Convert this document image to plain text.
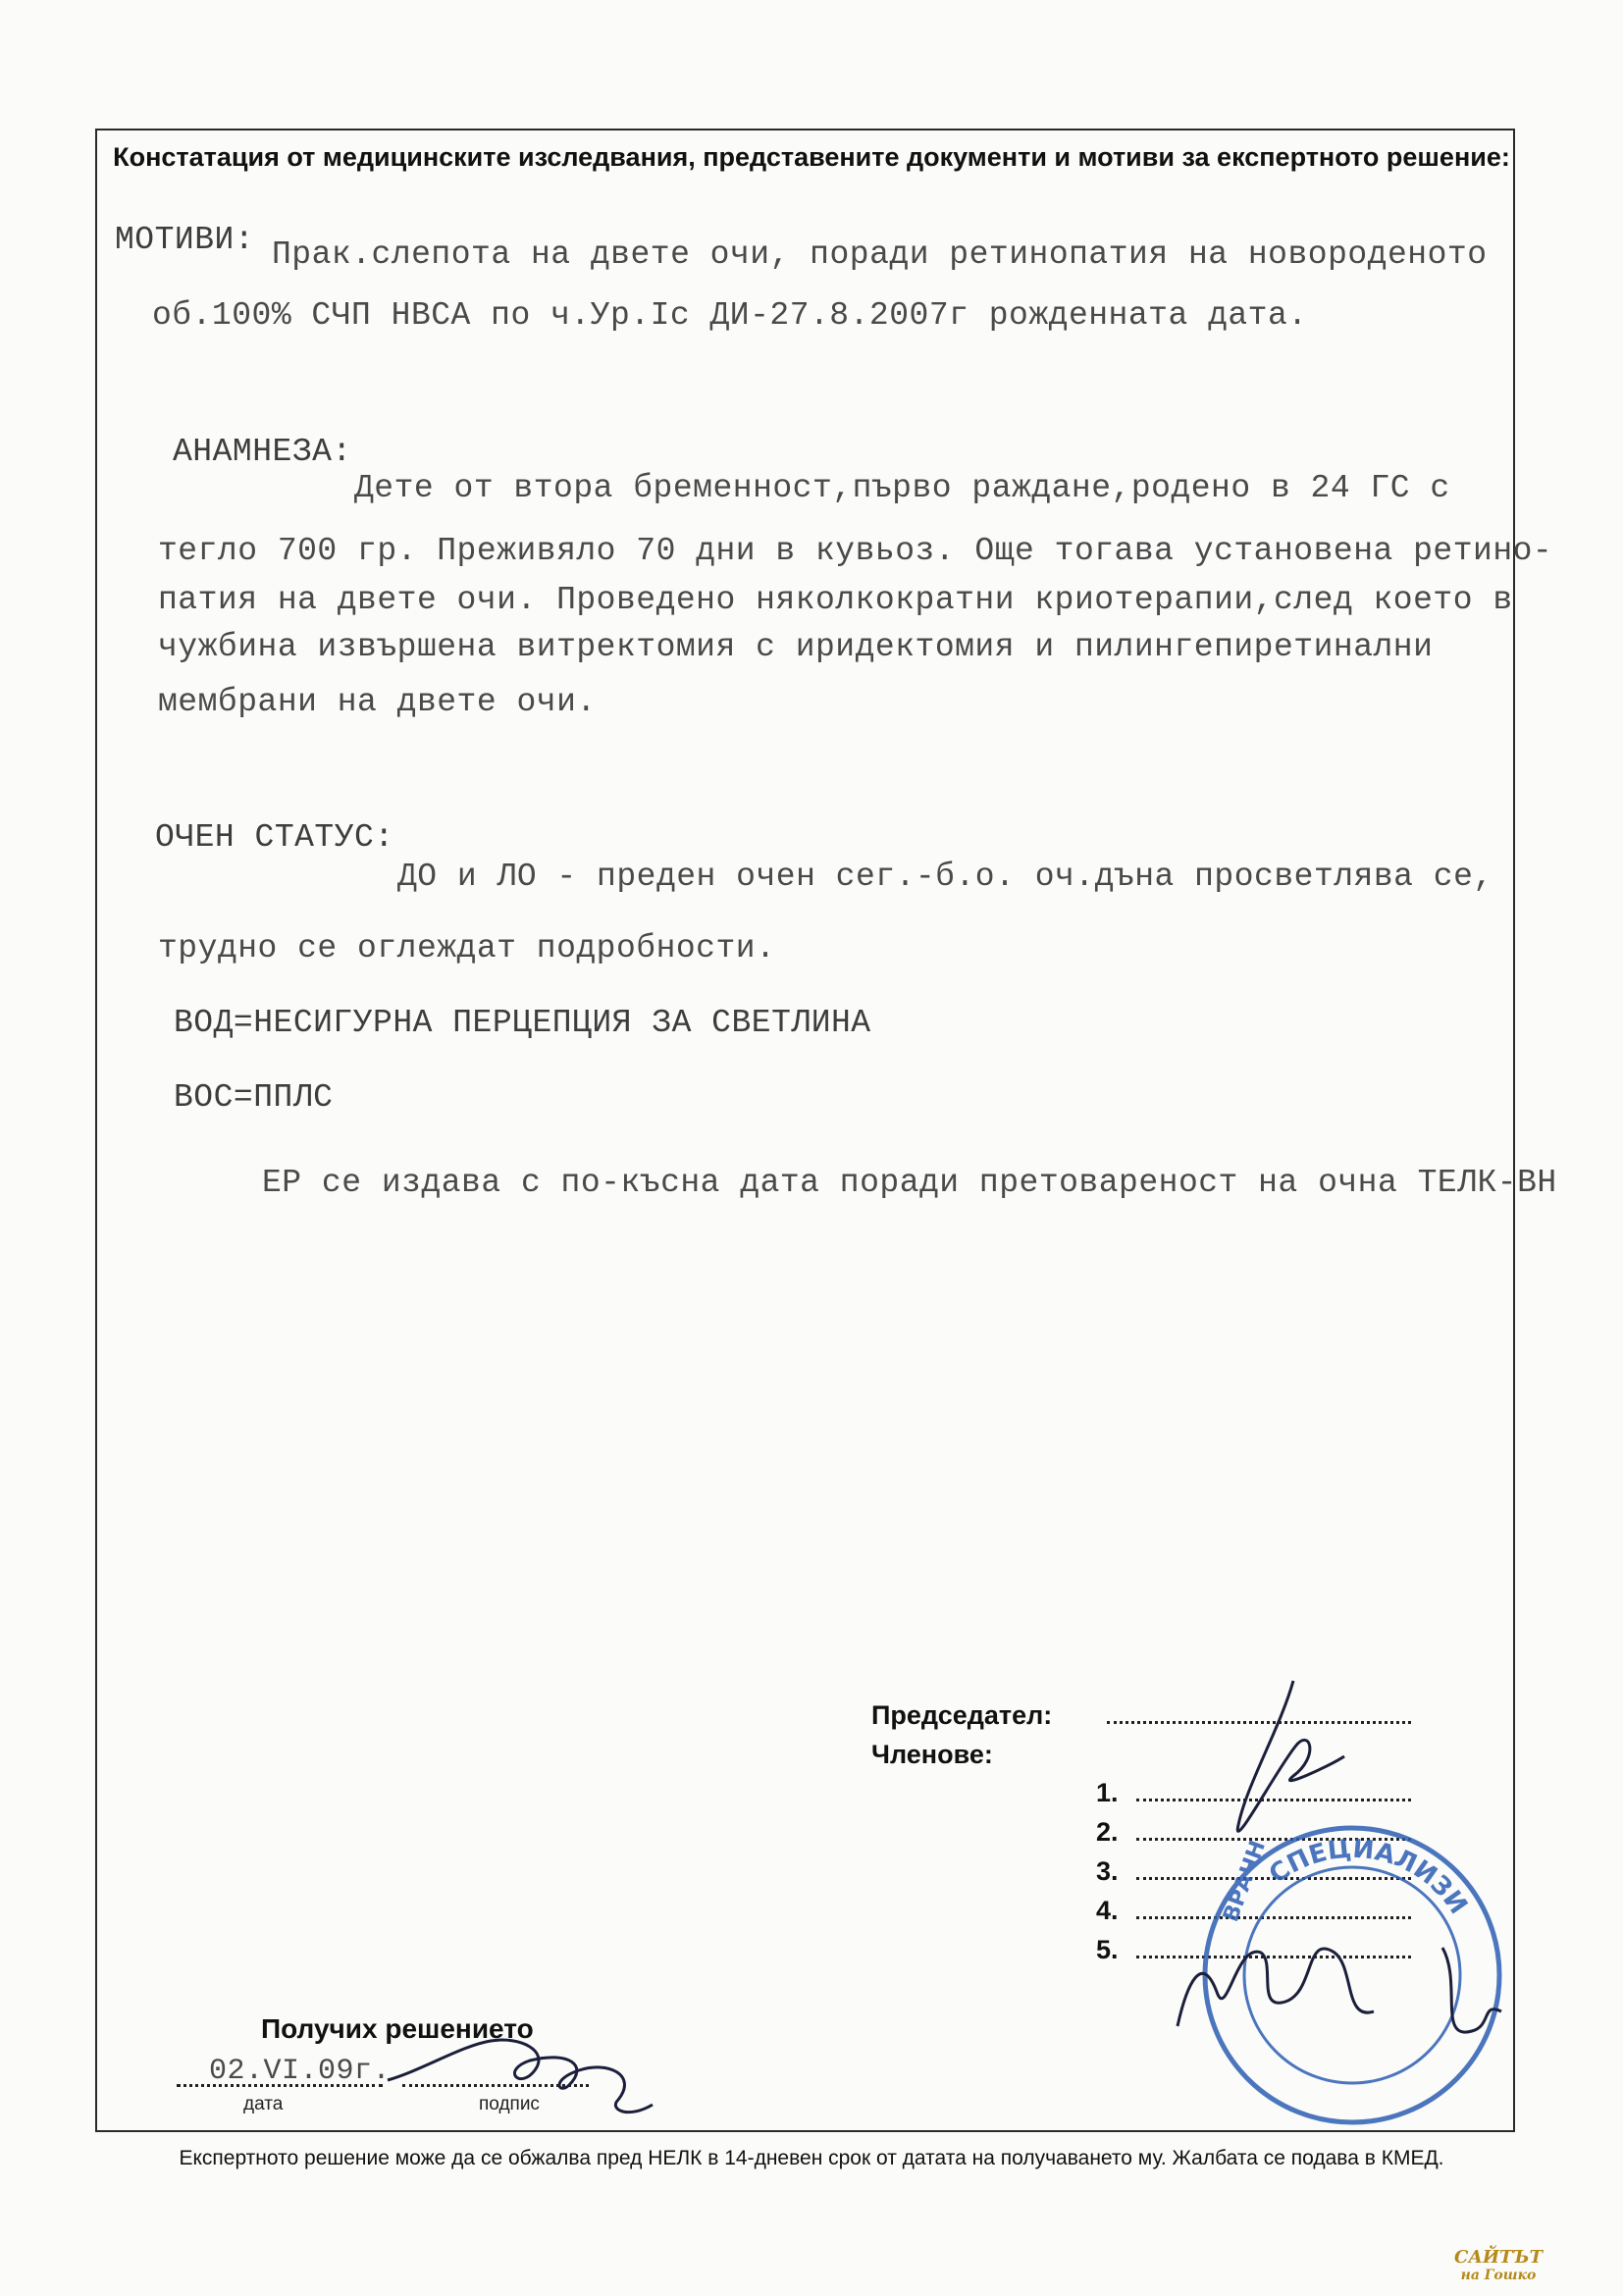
Констатация от медицинските изследвания, представените документи и мотиви за експертното решение:
МОТИВИ: Прак.слепота на двете очи, поради ретинопатия на новороденото
об.100% СЧП НВСА по ч.Ур.Iс ДИ-27.8.2007г рожденната дата.
АНАМНЕЗА:
Дете от втора бременност,първо раждане,родено в 24 ГС с
тегло 700 гр. Преживяло 70 дни в кувьоз. Още тогава установена ретино-
патия на двете очи. Проведено няколкократни криотерапии,след което в
чужбина извършена витректомия с иридектомия и пилингепиретинални
мембрани на двете очи.
ОЧЕН СТАТУС:
ДО и ЛО - преден очен сег.-б.о. оч.дъна просветлява се,
трудно се оглеждат подробности.
ВОД=НЕСИГУРНА ПЕРЦЕПЦИЯ ЗА СВЕТЛИНА
ВОС=ППЛС
ЕР се издава с по-късна дата поради претовареност на очна ТЕЛК-ВН
Председател:
Членове:
1.
2.
3.
4.
5.
Получих решението
02.VI.09г.
дата	подпис
СПЕЦИАЛИЗИ
ВРАЧН
Експертното решение може да се обжалва пред НЕЛК в 14-дневен срок от датата на получаването му. Жалбата се подава в КМЕД.
САЙТЪТ
на Гошко
